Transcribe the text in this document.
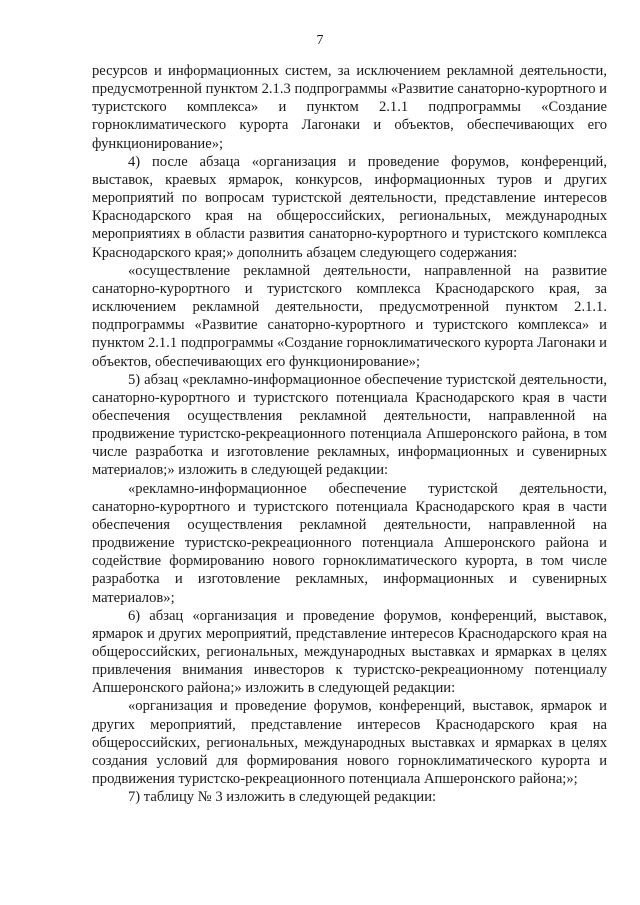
7

ресурсов и информационных систем, за исключением рекламной деятельности, предусмотренной пунктом 2.1.3 подпрограммы «Развитие санаторно-курортного и туристского комплекса» и пунктом 2.1.1 подпрограммы «Создание горноклиматического курорта Лагонаки и объектов, обеспечивающих его функционирование»;

4) после абзаца «организация и проведение форумов, конференций, выставок, краевых ярмарок, конкурсов, информационных туров и других мероприятий по вопросам туристской деятельности, представление интересов Краснодарского края на общероссийских, региональных, международных мероприятиях в области развития санаторно-курортного и туристского комплекса Краснодарского края;» дополнить абзацем следующего содержания:

«осуществление рекламной деятельности, направленной на развитие санаторно-курортного и туристского комплекса Краснодарского края, за исключением рекламной деятельности, предусмотренной пунктом 2.1.1. подпрограммы «Развитие санаторно-курортного и туристского комплекса» и пунктом 2.1.1 подпрограммы «Создание горноклиматического курорта Лагонаки и объектов, обеспечивающих его функционирование»;

5) абзац «рекламно-информационное обеспечение туристской деятельности, санаторно-курортного и туристского потенциала Краснодарского края в части обеспечения осуществления рекламной деятельности, направленной на продвижение туристско-рекреационного потенциала Апшеронского района, в том числе разработка и изготовление рекламных, информационных и сувенирных материалов;» изложить в следующей редакции:

«рекламно-информационное обеспечение туристской деятельности, санаторно-курортного и туристского потенциала Краснодарского края в части обеспечения осуществления рекламной деятельности, направленной на продвижение туристско-рекреационного потенциала Апшеронского района и содействие формированию нового горноклиматического курорта, в том числе разработка и изготовление рекламных, информационных и сувенирных материалов»;

6) абзац «организация и проведение форумов, конференций, выставок, ярмарок и других мероприятий, представление интересов Краснодарского края на общероссийских, региональных, международных выставках и ярмарках в целях привлечения внимания инвесторов к туристско-рекреационному потенциалу Апшеронского района;» изложить в следующей редакции:

«организация и проведение форумов, конференций, выставок, ярмарок и других мероприятий, представление интересов Краснодарского края на общероссийских, региональных, международных выставках и ярмарках в целях создания условий для формирования нового горноклиматического курорта и продвижения туристско-рекреационного потенциала Апшеронского района;»;

7) таблицу № 3 изложить в следующей редакции:
